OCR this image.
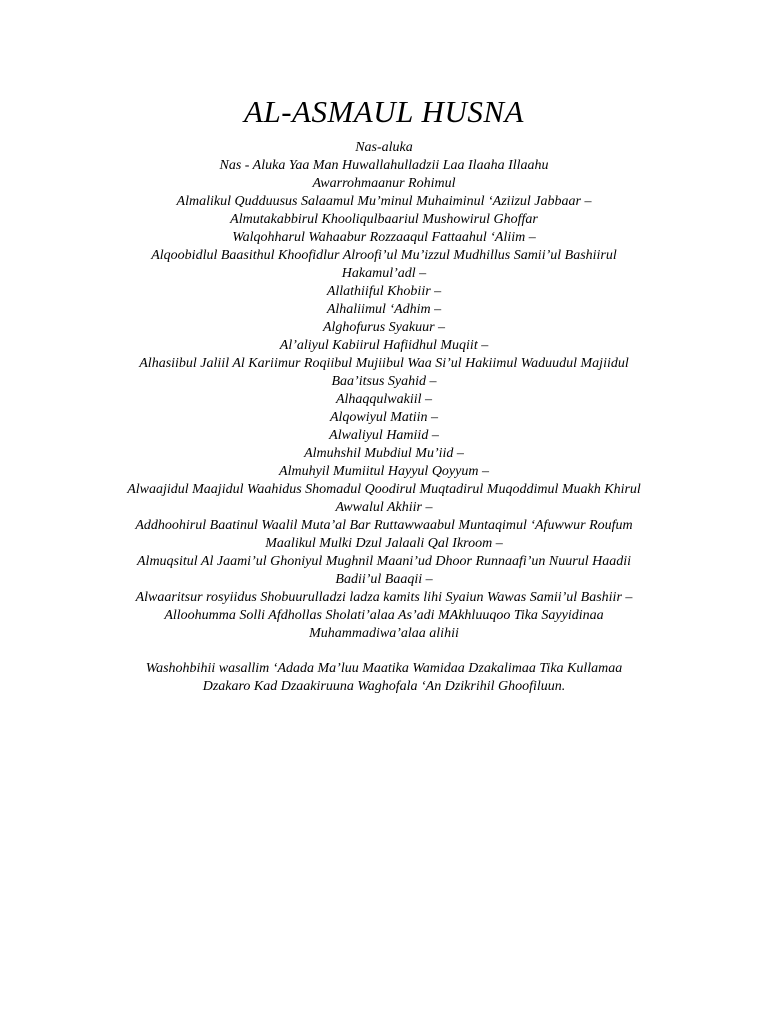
AL-ASMAUL HUSNA
Nas-aluka
Nas - Aluka Yaa Man Huwallahulladzii Laa Ilaaha Illaahu
Awarrohmaanur Rohimul
Almalikul Qudduusus Salaamul Mu’minul Muhaiminul ‘Aziizul Jabbaar –
Almutakabbirul Khooliqulbaariul Mushowirul Ghoffar
Walqohharul Wahaabur Rozzaaqul Fattaahul ‘Aliim –
Alqoobidlul Baasithul Khoofidlur Alroofi’ul Mu’izzul Mudhillus Samii’ul Bashiirul
Hakamul’adl –
Allathiiful Khobiir –
Alhaliimul ‘Adhim –
Alghofurus Syakuur –
Al’aliyul Kabiirul Hafiidhul Muqiit –
Alhasiibul Jaliil Al Kariimur Roqiibul Mujiibul Waa Si’ul Hakiimul Waduudul Majiidul
Baa’itsus Syahid –
Alhaqqulwakiil –
Alqowiyul Matiin –
Alwaliyul Hamiid –
Almuhshil Mubdiul Mu’iid –
Almuhyil Mumiitul Hayyul Qoyyum –
Alwaajidul Maajidul Waahidus Shomadul Qoodirul Muqtadirul Muqoddimul Muakh Khirul
Awwalul Akhiir –
Addhoohirul Baatinul Waalil Muta’al Bar Ruttawwaabul Muntaqimul ‘Afuwwur Roufum
Maalikul Mulki Dzul Jalaali Qal Ikroom –
Almuqsitul Al Jaami’ul Ghoniyul Mughnil Maani’ud Dhoor Runnaafi’un Nuurul Haadii
Badii’ul Baaqii –
Alwaaritsur rosyiidus Shobuurulladzi ladza kamits lihi Syaiun Wawas Samii’ul Bashiir –
Alloohumma Solli Afdhollas Sholati’alaa As’adi MAkhluuqoo Tika Sayyidinaa
Muhammadiwa’alaa alihii
Washohbihii wasallim ‘Adada Ma’luu Maatika Wamidaa Dzakalimaa Tika Kullamaa
Dzakaro Kad Dzaakiruuna Waghofala ‘An Dzikrihil Ghoofiluun.
